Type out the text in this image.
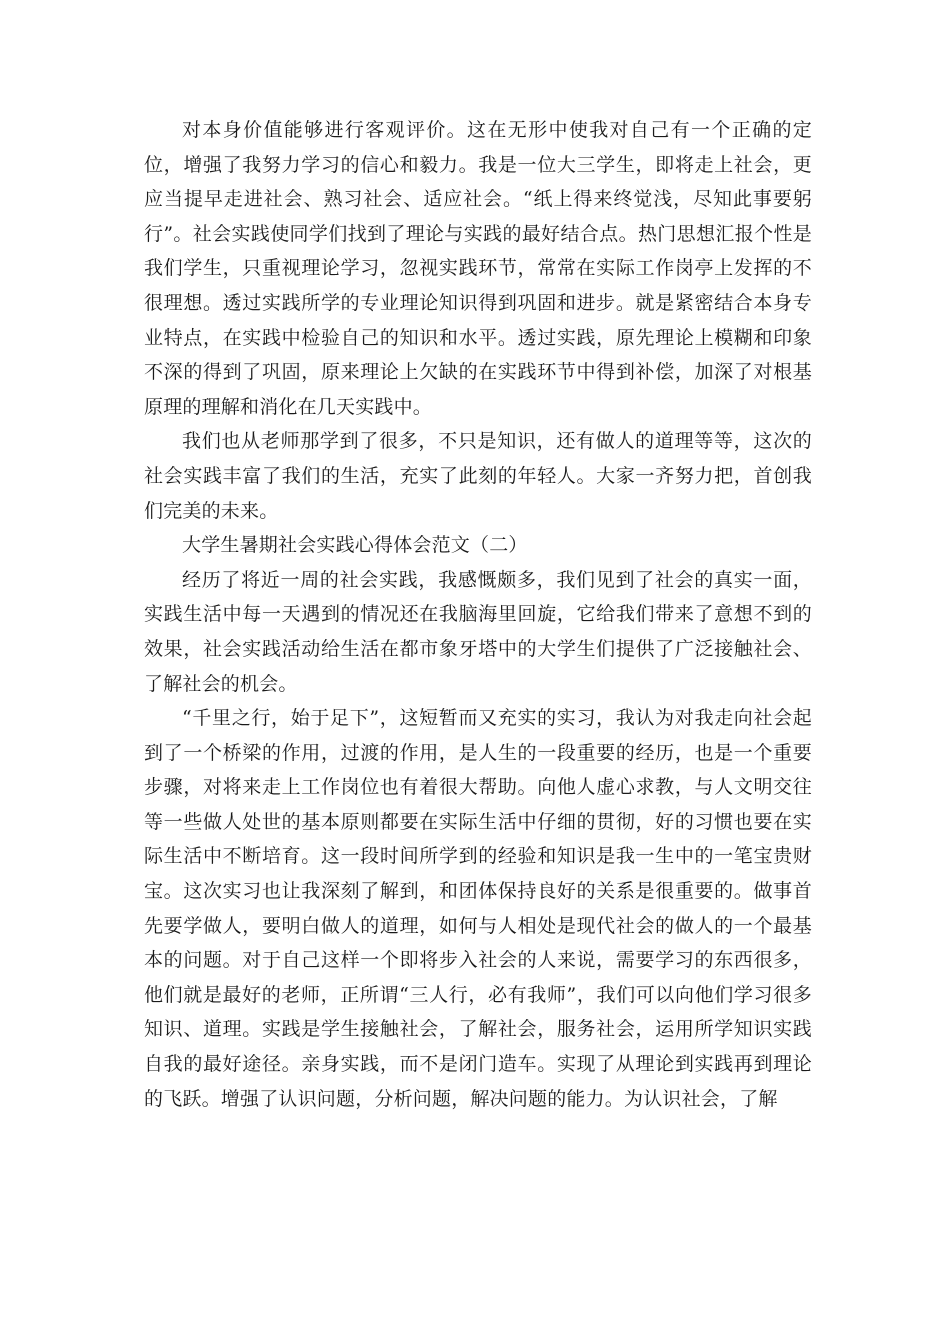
对本身价值能够进行客观评价。这在无形中使我对自己有一个正确的定位，增强了我努力学习的信心和毅力。我是一位大三学生，即将走上社会，更应当提早走进社会、熟习社会、适应社会。“纸上得来终觉浅，尽知此事要躬行”。社会实践使同学们找到了理论与实践的最好结合点。热门思想汇报个性是我们学生，只重视理论学习，忽视实践环节，常常在实际工作岗亭上发挥的不很理想。透过实践所学的专业理论知识得到巩固和进步。就是紧密结合本身专业特点，在实践中检验自己的知识和水平。透过实践，原先理论上模糊和印象不深的得到了巩固，原来理论上欠缺的在实践环节中得到补偿，加深了对根基原理的理解和消化在几天实践中。

我们也从老师那学到了很多，不只是知识，还有做人的道理等等，这次的社会实践丰富了我们的生活，充实了此刻的年轻人。大家一齐努力把，首创我们完美的未来。

大学生暑期社会实践心得体会范文（二）

经历了将近一周的社会实践，我感慨颇多，我们见到了社会的真实一面，实践生活中每一天遇到的情况还在我脑海里回旋，它给我们带来了意想不到的效果，社会实践活动给生活在都市象牙塔中的大学生们提供了广泛接触社会、了解社会的机会。

“千里之行，始于足下”，这短暂而又充实的实习，我认为对我走向社会起到了一个桥梁的作用，过渡的作用，是人生的一段重要的经历，也是一个重要步骤，对将来走上工作岗位也有着很大帮助。向他人虚心求教，与人文明交往等一些做人处世的基本原则都要在实际生活中仔细的贯彻，好的习惯也要在实际生活中不断培育。这一段时间所学到的经验和知识是我一生中的一笔宝贵财宝。这次实习也让我深刻了解到，和团体保持良好的关系是很重要的。做事首先要学做人，要明白做人的道理，如何与人相处是现代社会的做人的一个最基本的问题。对于自己这样一个即将步入社会的人来说，需要学习的东西很多，他们就是最好的老师，正所谓“三人行，必有我师”，我们可以向他们学习很多知识、道理。实践是学生接触社会，了解社会，服务社会，运用所学知识实践自我的最好途径。亲身实践，而不是闭门造车。实现了从理论到实践再到理论的飞跃。增强了认识问题，分析问题，解决问题的能力。为认识社会，了解
